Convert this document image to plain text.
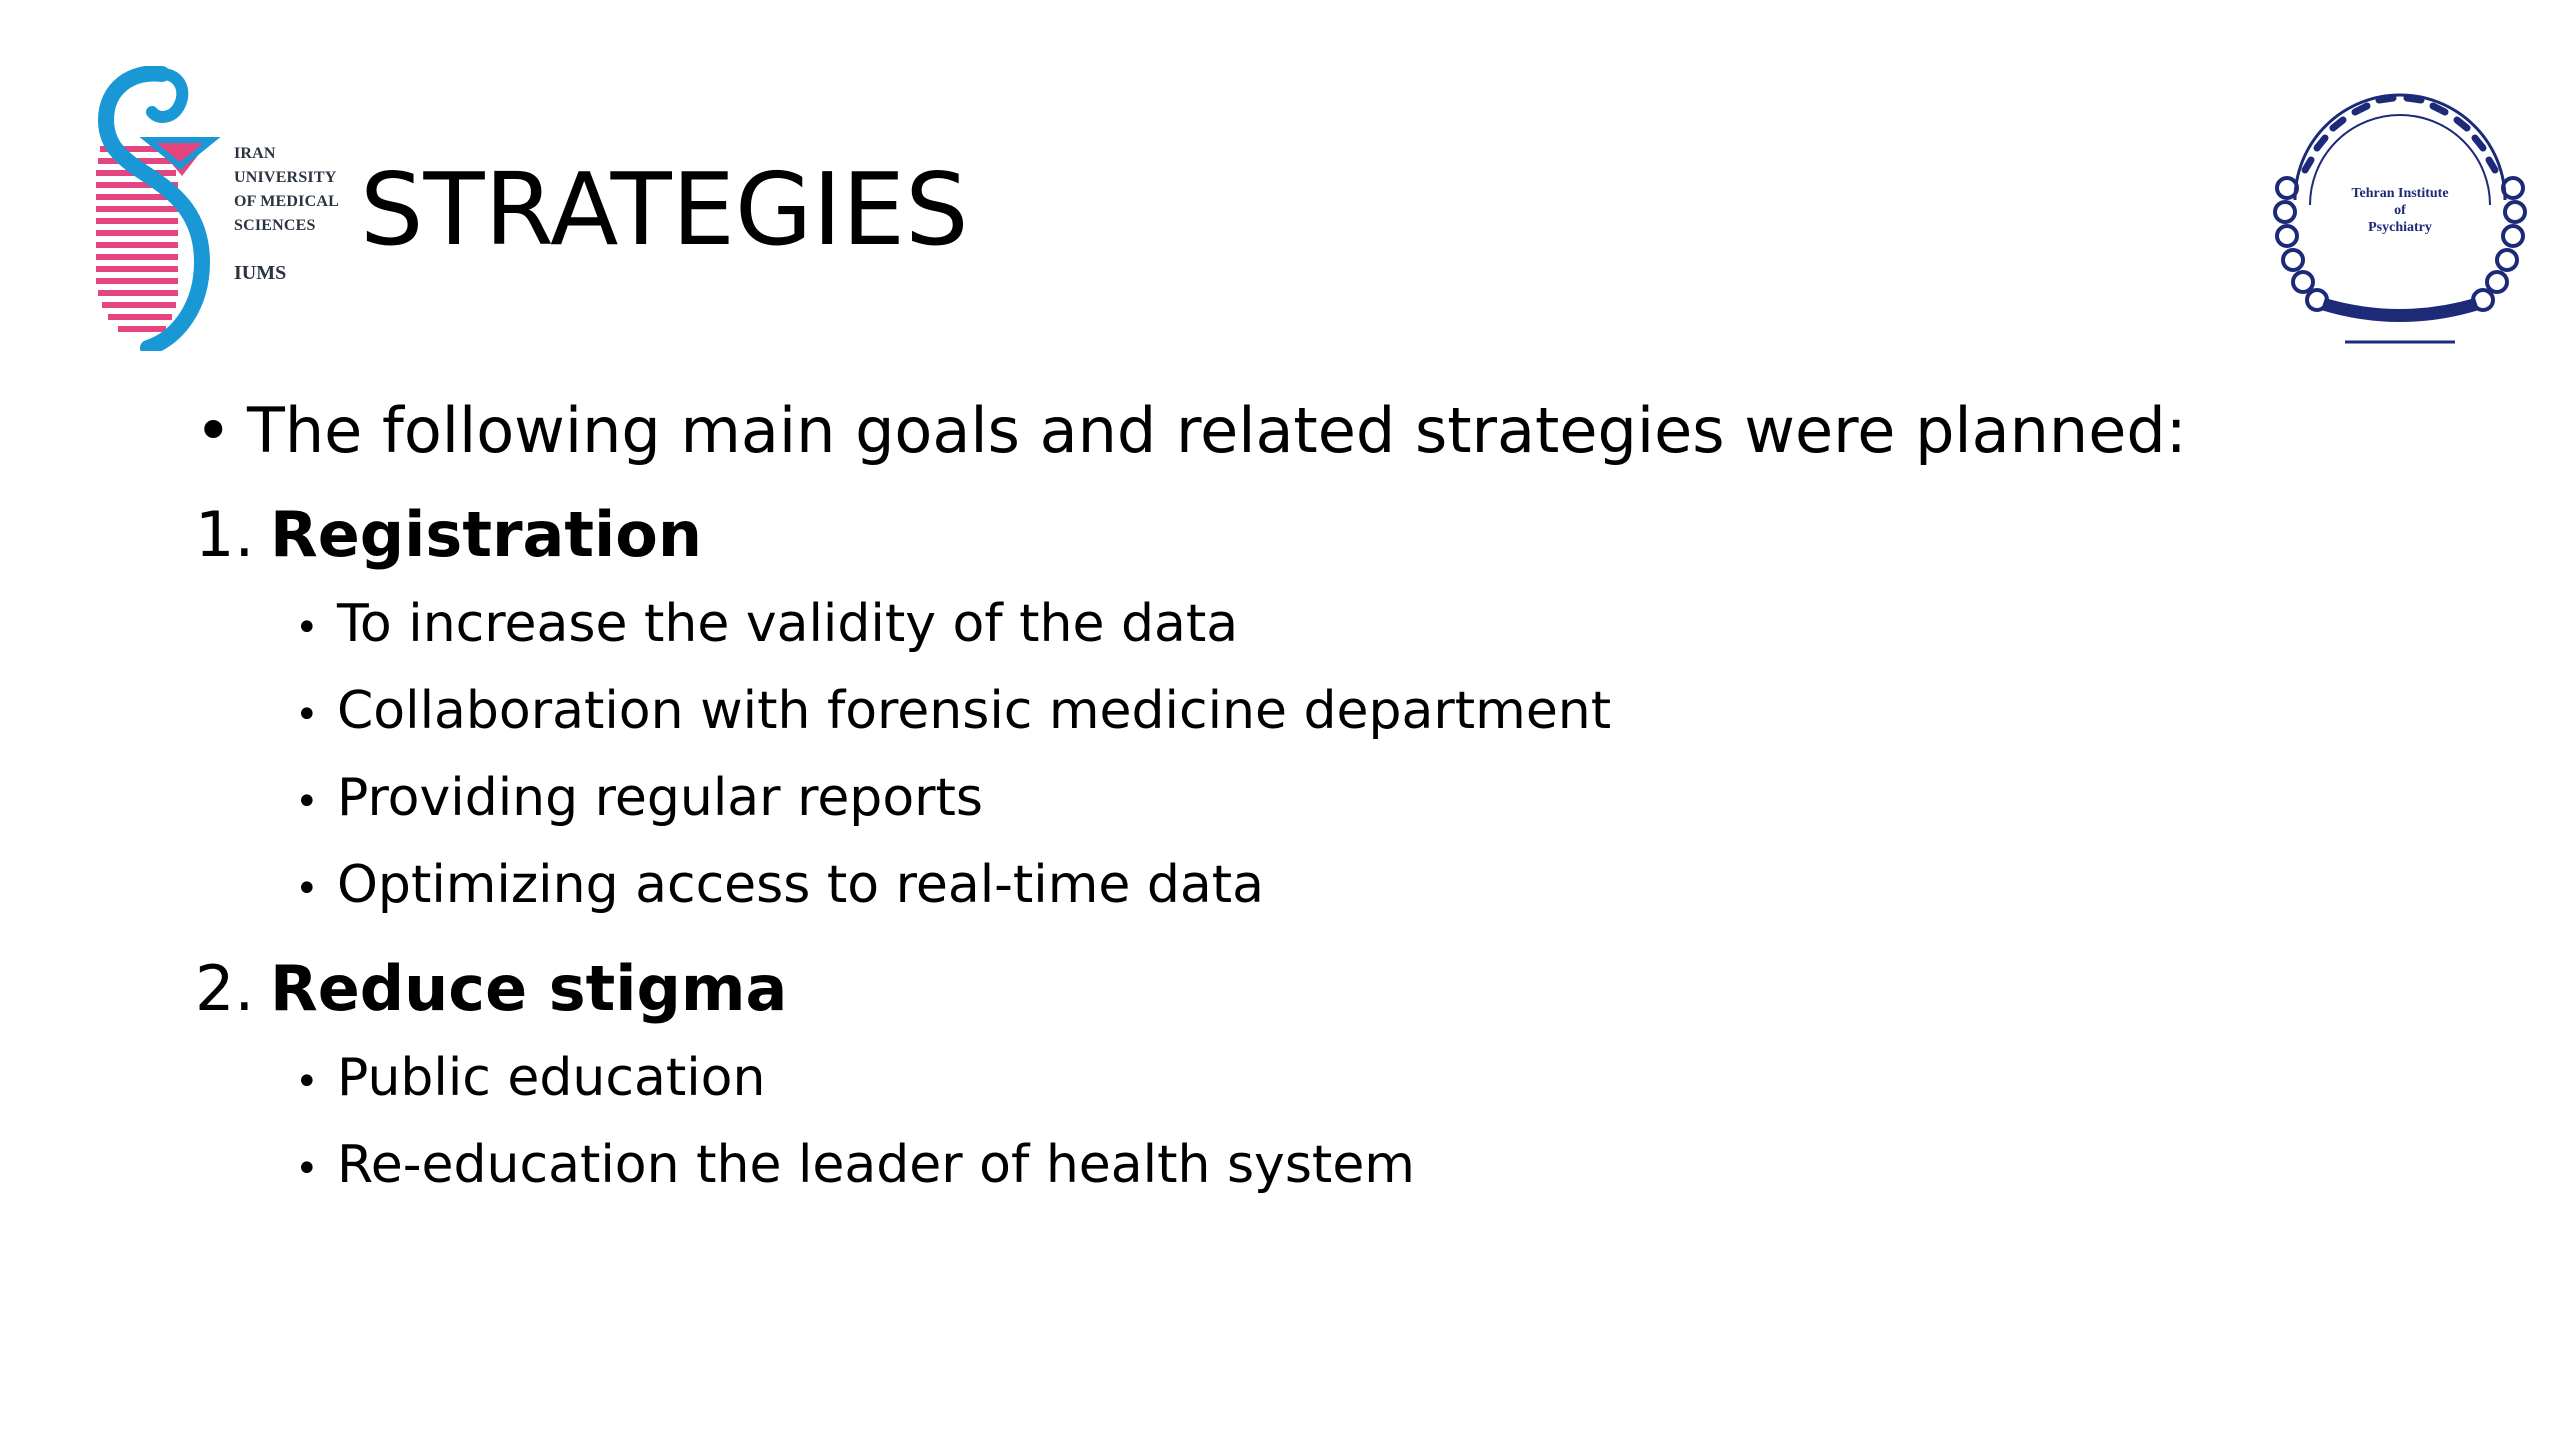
IRAN
UNIVERSITY
OF MEDICAL
SCIENCES
IUMS
STRATEGIES	Tehran Institute
of
Psychiatry
• The following main goals and related strategies were planned:
1. Registration
• To increase the validity of the data
• Collaboration with forensic medicine department
• Providing regular reports
• Optimizing access to real-time data
2. Reduce stigma
• Public education
• Re-education the leader of health system
